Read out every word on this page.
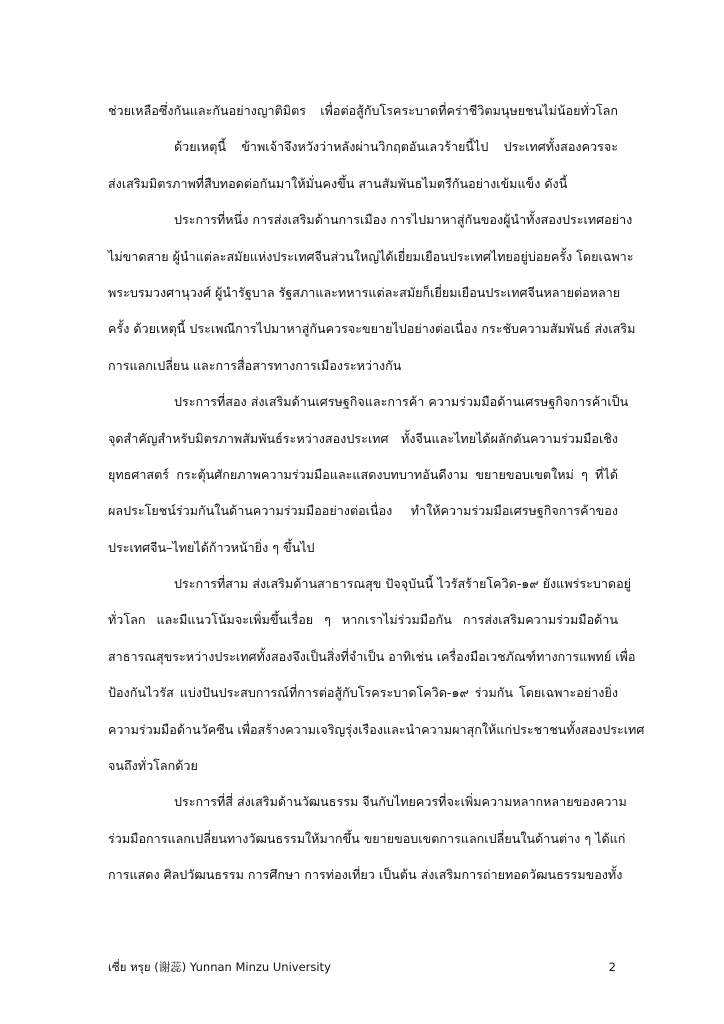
ช่วยเหลือซึ่งกันและกันอย่างญาติมิตร เพื่อต่อสู้กับโรคระบาดที่คร่าชีวิตมนุษยชนไม่น้อยทั่วโลก
ด้วยเหตุนี้ ข้าพเจ้าจึงหวังว่าหลังผ่านวิกฤตอันเลวร้ายนี้ไป ประเทศทั้งสองควรจะ
ส่งเสริมมิตรภาพที่สืบทอดต่อกันมาให้มั่นคงขึ้น สานสัมพันธไมตรีกันอย่างเข้มแข็ง ดังนี้
ประการที่หนึ่ง การส่งเสริมด้านการเมือง การไปมาหาสู่กันของผู้นำทั้งสองประเทศอย่าง
ไม่ขาดสาย ผู้นำแต่ละสมัยแห่งประเทศจีนส่วนใหญ่ได้เยี่ยมเยือนประเทศไทยอยู่บ่อยครั้ง โดยเฉพาะ
พระบรมวงศานุวงศ์ ผู้นำรัฐบาล รัฐสภาและทหารแต่ละสมัยก็เยี่ยมเยือนประเทศจีนหลายต่อหลาย
ครั้ง ด้วยเหตุนี้ ประเพณีการไปมาหาสู่กันควรจะขยายไปอย่างต่อเนื่อง กระชับความสัมพันธ์ ส่งเสริม
การแลกเปลี่ยน และการสื่อสารทางการเมืองระหว่างกัน
ประการที่สอง ส่งเสริมด้านเศรษฐกิจและการค้า ความร่วมมือด้านเศรษฐกิจการค้าเป็น
จุดสำคัญสำหรับมิตรภาพสัมพันธ์ระหว่างสองประเทศ ทั้งจีนและไทยได้ผลักดันความร่วมมือเชิง
ยุทธศาสตร์ กระตุ้นศักยภาพความร่วมมือและแสดงบทบาทอันดีงาม ขยายขอบเขตใหม่ ๆ ที่ได้
ผลประโยชน์ร่วมกันในด้านความร่วมมืออย่างต่อเนื่อง ทำให้ความร่วมมือเศรษฐกิจการค้าของ
ประเทศจีน–ไทยได้ก้าวหน้ายิ่ง ๆ ขึ้นไป
ประการที่สาม ส่งเสริมด้านสาธารณสุข ปัจจุบันนี้ ไวรัสร้ายโควิด-๑๙ ยังแพร่ระบาดอยู่
ทั่วโลก และมีแนวโน้มจะเพิ่มขึ้นเรื่อย ๆ หากเราไม่ร่วมมือกัน การส่งเสริมความร่วมมือด้าน
สาธารณสุขระหว่างประเทศทั้งสองจึงเป็นสิ่งที่จำเป็น อาทิเช่น เครื่องมือเวชภัณฑ์ทางการแพทย์ เพื่อ
ป้องกันไวรัส แบ่งปันประสบการณ์ที่การต่อสู้กับโรคระบาดโควิด-๑๙ ร่วมกัน โดยเฉพาะอย่างยิ่ง
ความร่วมมือด้านวัคซีน เพื่อสร้างความเจริญรุ่งเรืองและนำความผาสุกให้แก่ประชาชนทั้งสองประเทศ
จนถึงทั่วโลกด้วย
ประการที่สี่ ส่งเสริมด้านวัฒนธรรม จีนกับไทยควรที่จะเพิ่มความหลากหลายของความ
ร่วมมือการแลกเปลี่ยนทางวัฒนธรรมให้มากขึ้น ขยายขอบเขตการแลกเปลี่ยนในด้านต่าง ๆ ได้แก่
การแสดง ศิลปวัฒนธรรม การศึกษา การท่องเที่ยว เป็นต้น ส่งเสริมการถ่ายทอดวัฒนธรรมของทั้ง
เซี่ย หรุย (谢蕊) Yunnan Minzu University	2
